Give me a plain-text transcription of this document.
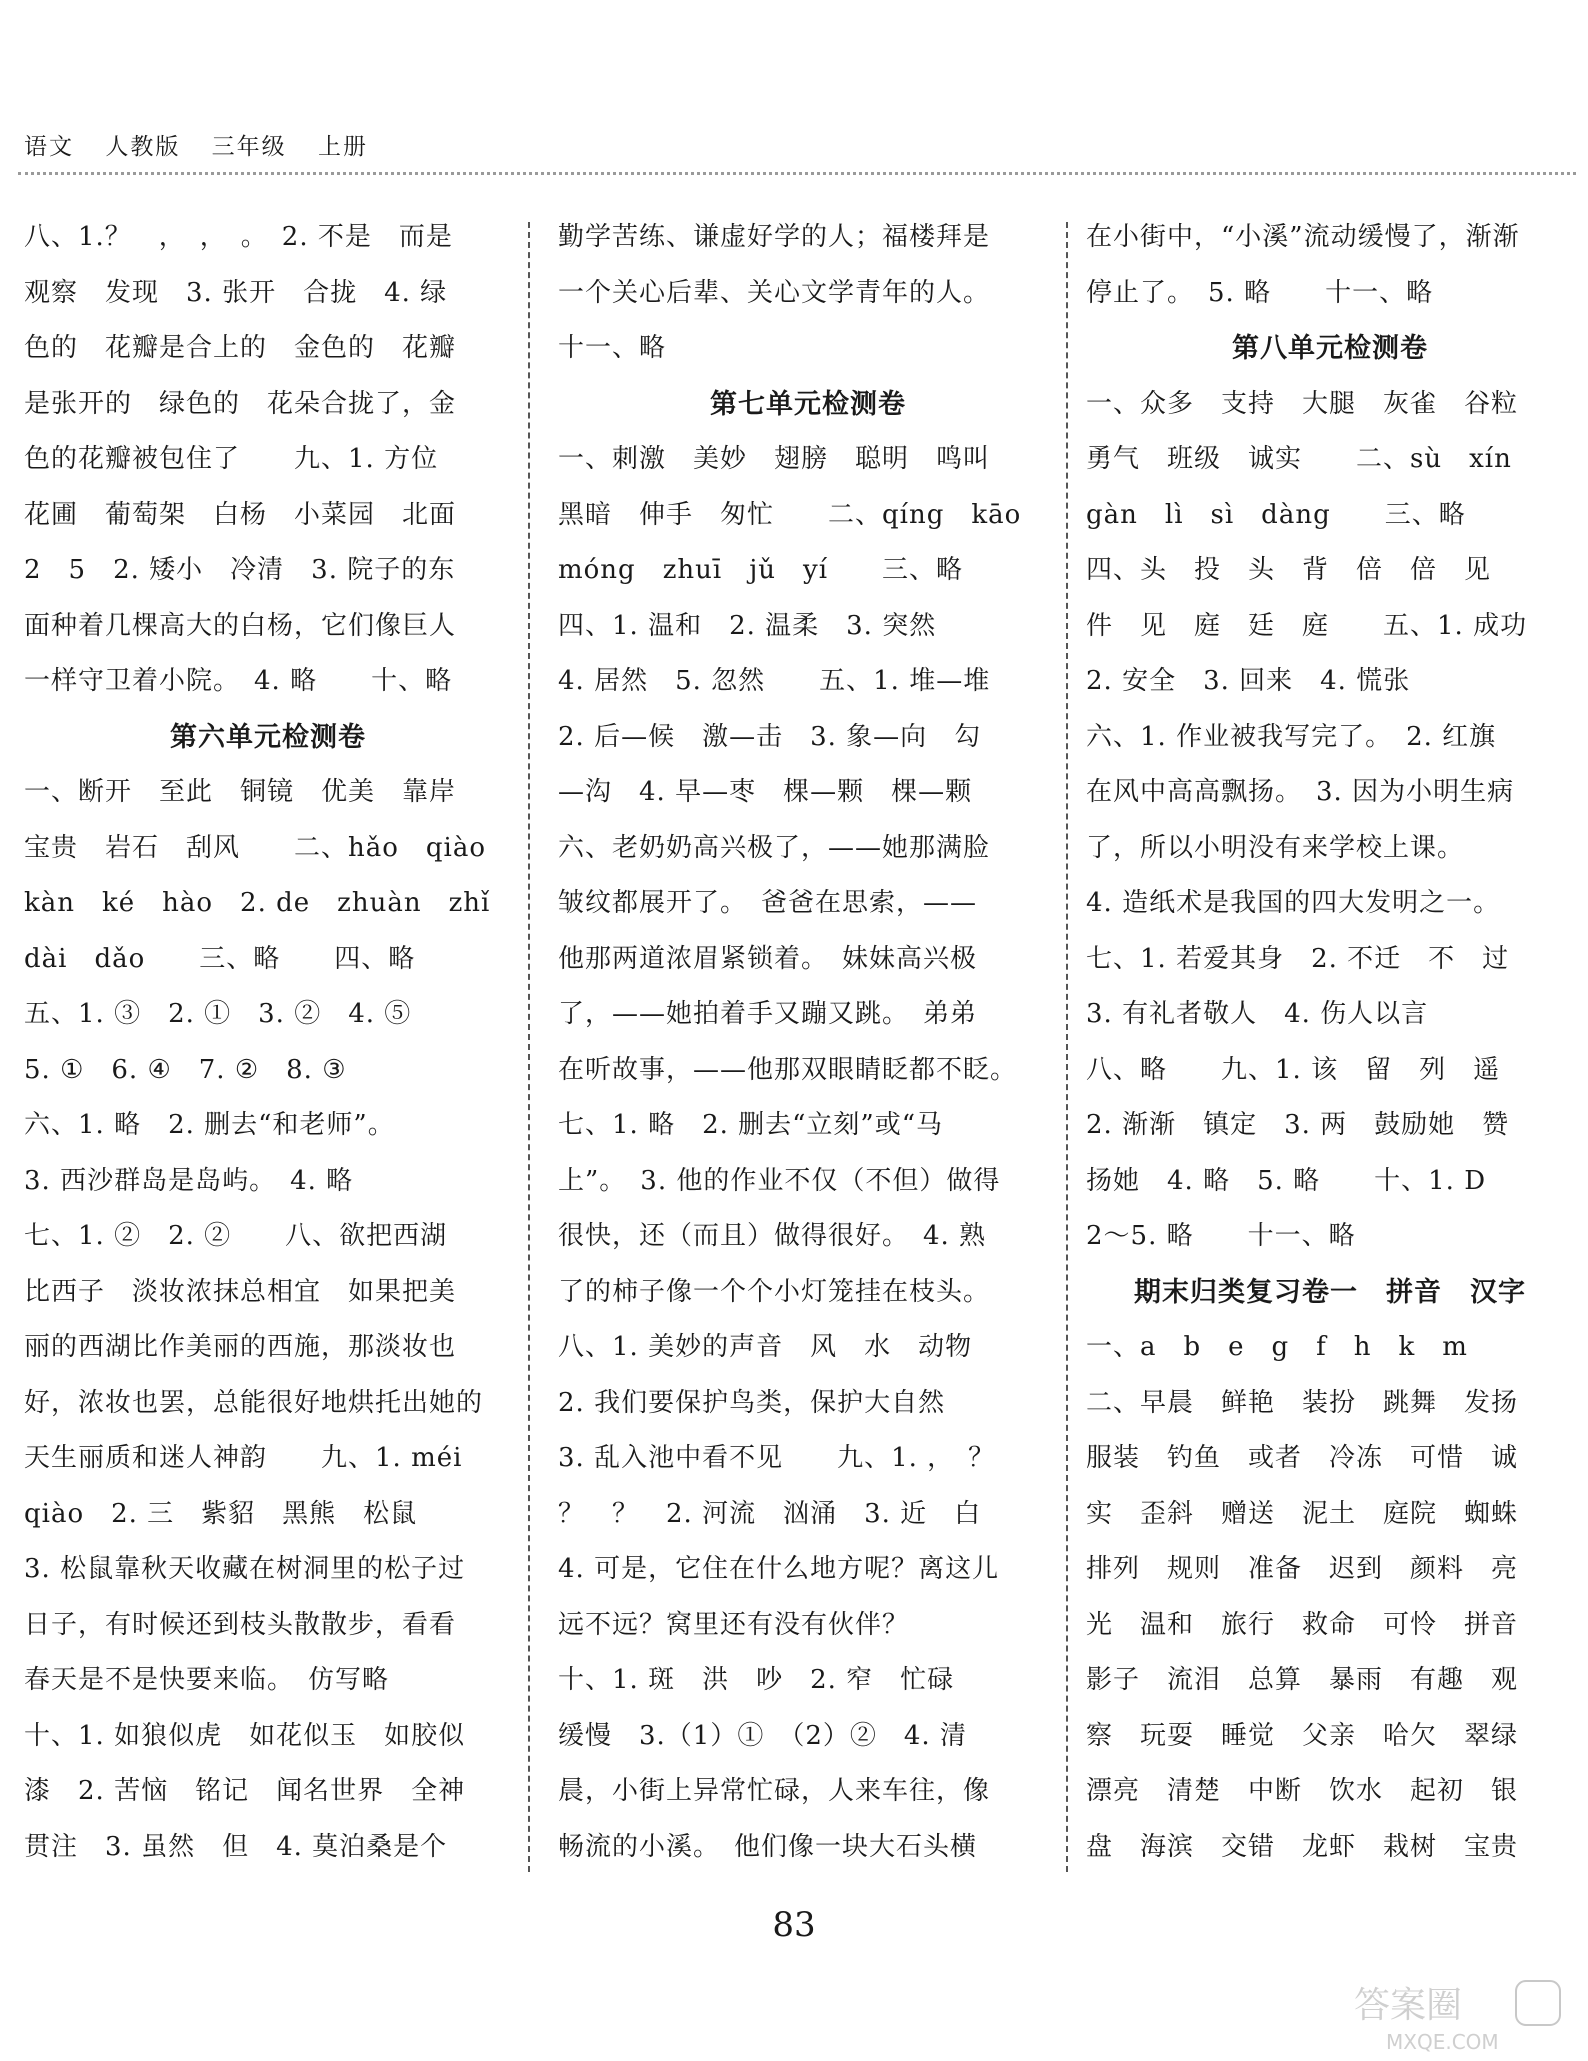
语文 人教版 三年级 上册
八、1.？　，　，　。　2. 不是　而是
观察　发现　3. 张开　合拢　4. 绿
色的　花瓣是合上的　金色的　花瓣
是张开的　绿色的　花朵合拢了，金
色的花瓣被包住了　　九、1. 方位
花圃　葡萄架　白杨　小菜园　北面
2　5　2. 矮小　冷清　3. 院子的东
面种着几棵高大的白杨，它们像巨人
一样守卫着小院。　4. 略　　十、略
第六单元检测卷
一、断开　至此　铜镜　优美　靠岸
宝贵　岩石　刮风　　二、hǎo　qiào
kàn　ké　hào　2. de　zhuàn　zhǐ
dài　dǎo　　三、略　　四、略
五、1. ③　2. ①　3. ②　4. ⑤
5. ①　6. ④　7. ②　8. ③
六、1. 略　2. 删去“和老师”。
3. 西沙群岛是岛屿。　4. 略
七、1. ②　2. ②　　八、欲把西湖
比西子　淡妆浓抹总相宜　如果把美
丽的西湖比作美丽的西施，那淡妆也
好，浓妆也罢，总能很好地烘托出她的
天生丽质和迷人神韵　　九、1. méi
qiào　2. 三　紫貂　黑熊　松鼠
3. 松鼠靠秋天收藏在树洞里的松子过
日子，有时候还到枝头散散步，看看
春天是不是快要来临。　仿写略
十、1. 如狼似虎　如花似玉　如胶似
漆　2. 苦恼　铭记　闻名世界　全神
贯注　3. 虽然　但　4. 莫泊桑是个
勤学苦练、谦虚好学的人；福楼拜是
一个关心后辈、关心文学青年的人。
十一、略
第七单元检测卷
一、刺激　美妙　翅膀　聪明　鸣叫
黑暗　伸手　匆忙　　二、qíng　kāo
móng　zhuī　jǔ　yí　　三、略
四、1. 温和　2. 温柔　3. 突然
4. 居然　5. 忽然　　五、1. 堆—堆
2. 后—候　激—击　3. 象—向　勾
—沟　4. 早—枣　棵—颗　棵—颗
六、老奶奶高兴极了，——她那满脸
皱纹都展开了。　爸爸在思索，——
他那两道浓眉紧锁着。　妹妹高兴极
了，——她拍着手又蹦又跳。　弟弟
在听故事，——他那双眼睛眨都不眨。
七、1. 略　2. 删去“立刻”或“马
上”。　3. 他的作业不仅（不但）做得
很快，还（而且）做得很好。　4. 熟
了的柿子像一个个小灯笼挂在枝头。
八、1. 美妙的声音　风　水　动物
2. 我们要保护鸟类，保护大自然
3. 乱入池中看不见　　九、1. ，　？
？　？　2. 河流　汹涌　3. 近　白
4. 可是，它住在什么地方呢？离这儿
远不远？窝里还有没有伙伴？
十、1. 斑　洪　吵　2. 窄　忙碌
缓慢　3.（1）①　（2）②　4. 清
晨，小街上异常忙碌，人来车往，像
畅流的小溪。　他们像一块大石头横
在小街中，“小溪”流动缓慢了，渐渐
停止了。　5. 略　　十一、略
第八单元检测卷
一、众多　支持　大腿　灰雀　谷粒
勇气　班级　诚实　　二、sù　xín
gàn　lì　sì　dàng　　三、略
四、头　投　头　背　倍　倍　见
件　见　庭　廷　庭　　五、1. 成功
2. 安全　3. 回来　4. 慌张
六、1. 作业被我写完了。　2. 红旗
在风中高高飘扬。　3. 因为小明生病
了，所以小明没有来学校上课。
4. 造纸术是我国的四大发明之一。
七、1. 若爱其身　2. 不迁　不　过
3. 有礼者敬人　4. 伤人以言
八、略　　九、1. 该　留　列　遥
2. 渐渐　镇定　3. 两　鼓励她　赞
扬她　4. 略　5. 略　　十、1. D
2～5. 略　　十一、略
期末归类复习卷一　拼音　汉字
一、a　b　e　g　f　h　k　m
二、早晨　鲜艳　装扮　跳舞　发扬
服装　钓鱼　或者　冷冻　可惜　诚
实　歪斜　赠送　泥土　庭院　蜘蛛
排列　规则　准备　迟到　颜料　亮
光　温和　旅行　救命　可怜　拼音
影子　流泪　总算　暴雨　有趣　观
察　玩耍　睡觉　父亲　哈欠　翠绿
漂亮　清楚　中断　饮水　起初　银
盘　海滨　交错　龙虾　栽树　宝贵
83
答案圈
MXQE.COM
